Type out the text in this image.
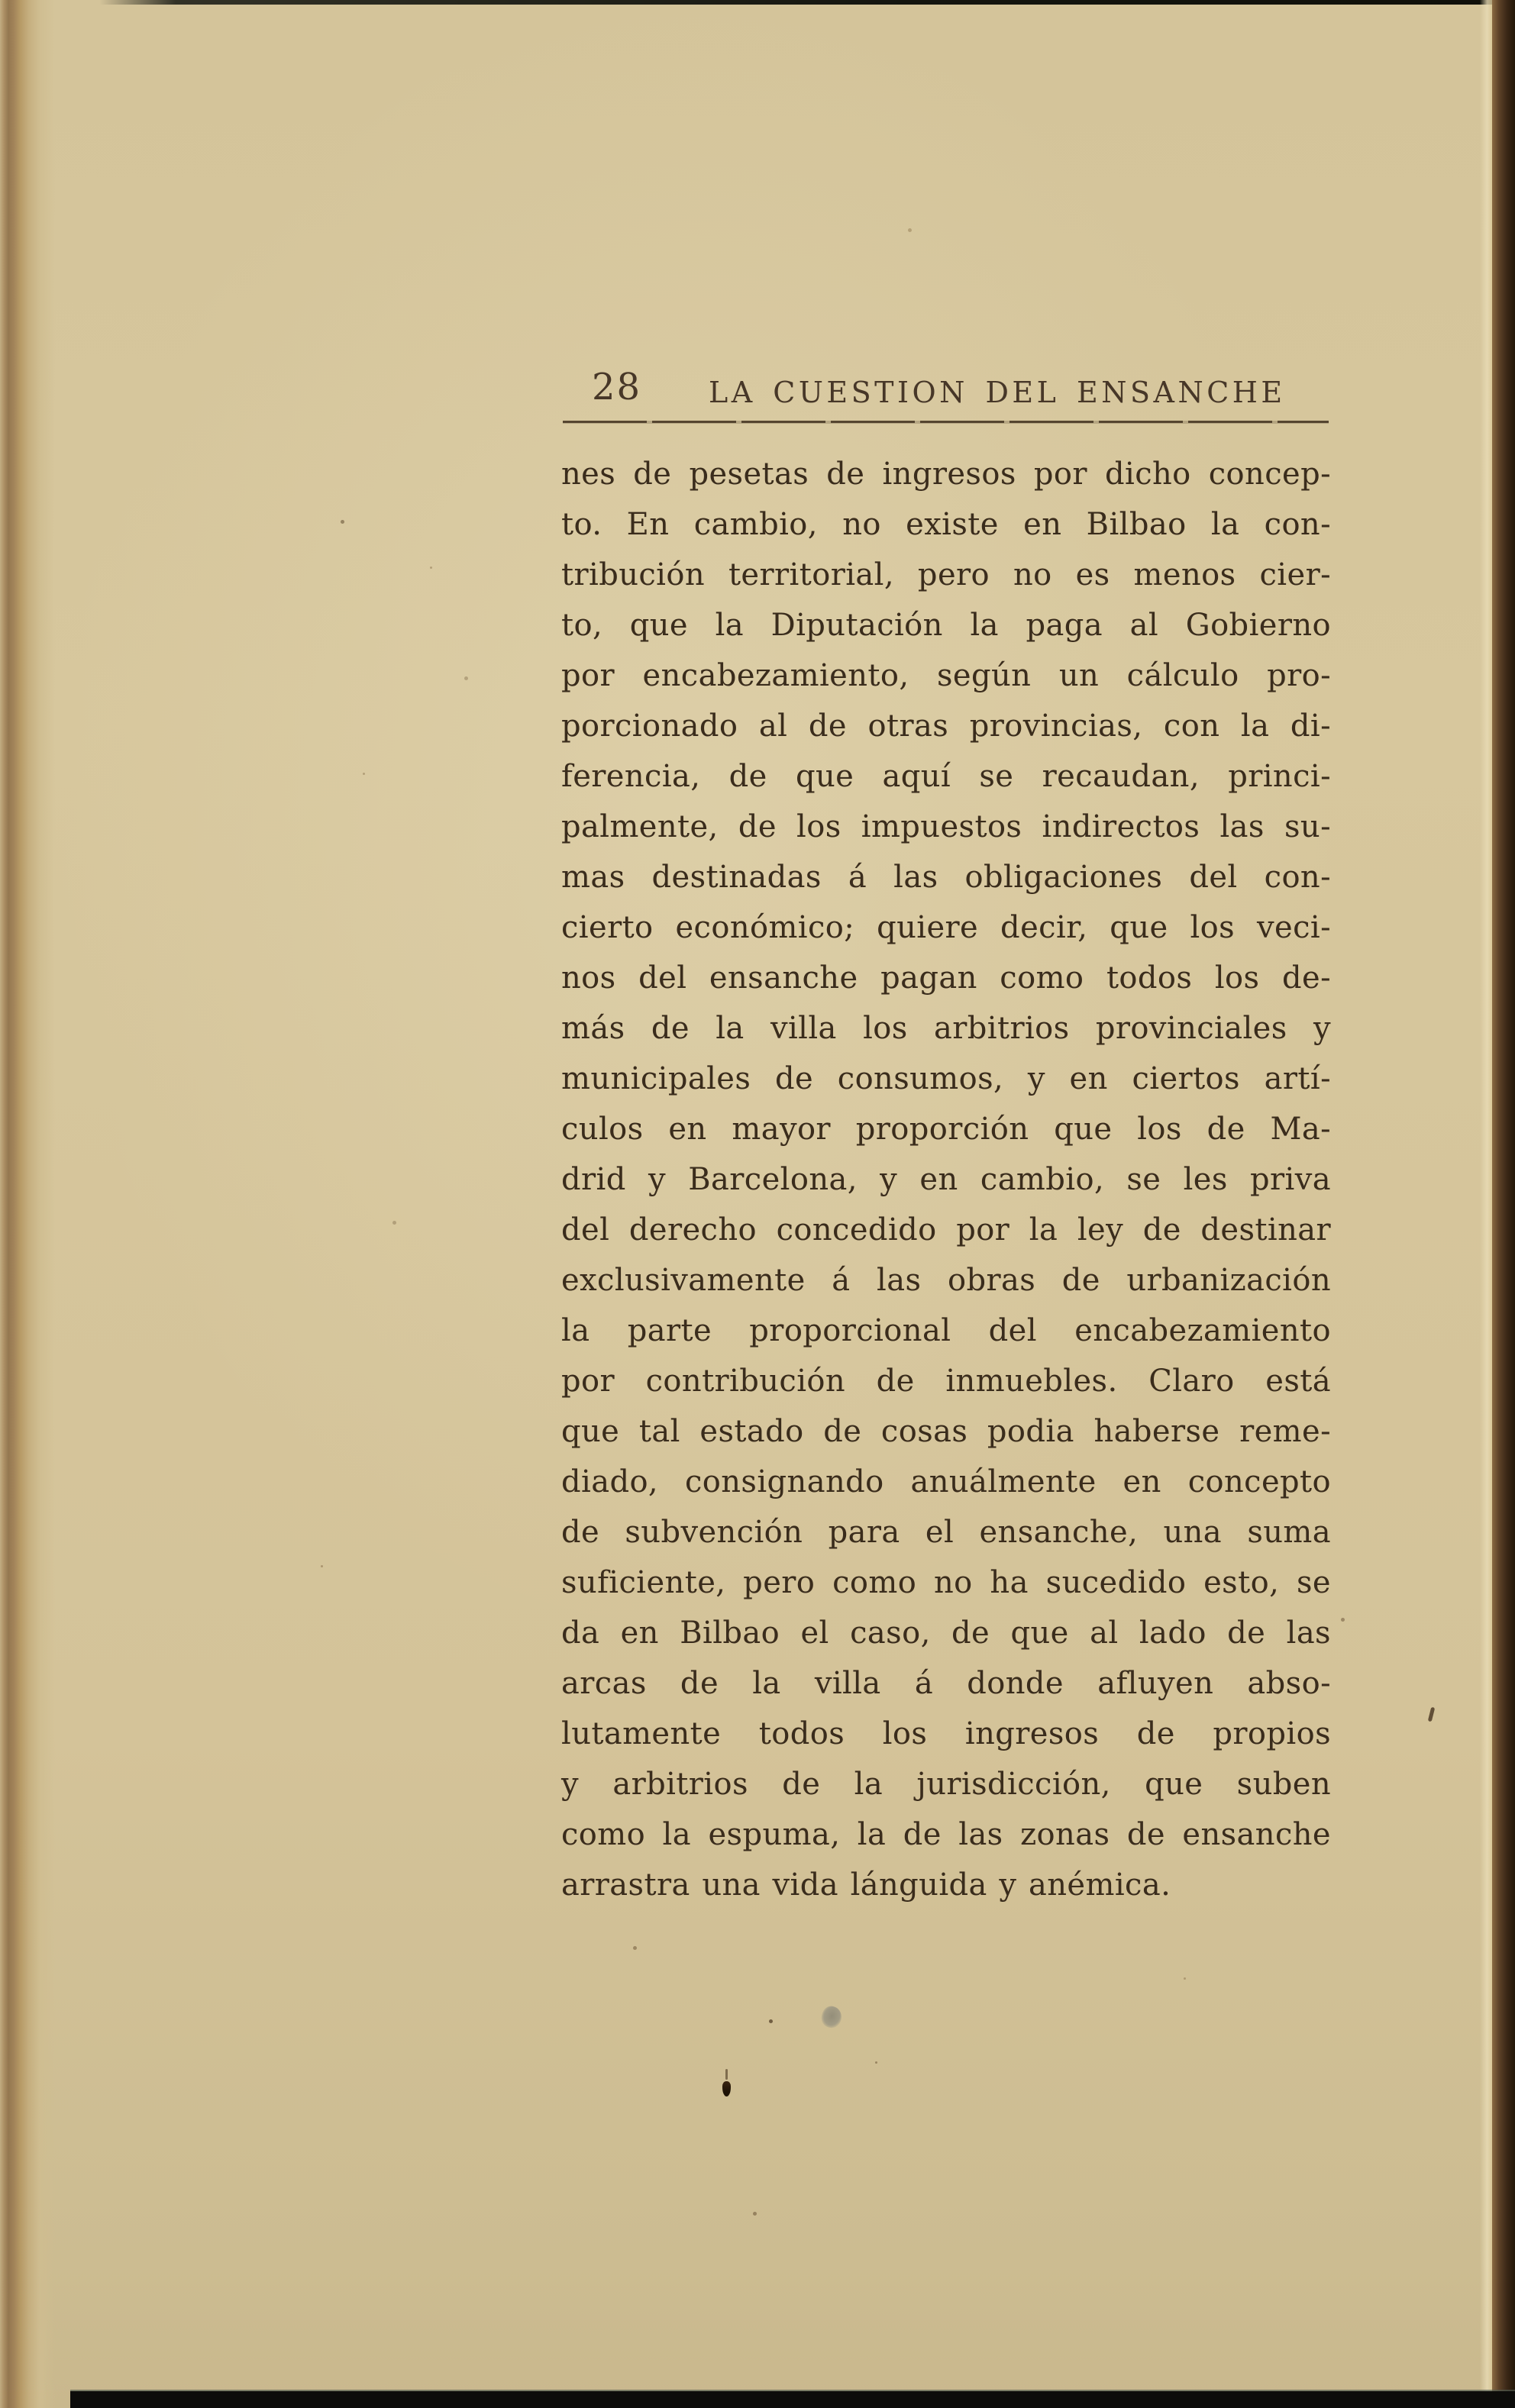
28 LA CUESTION DEL ENSANCHE
nes de pesetas de ingresos por dicho concep-
to. En cambio, no existe en Bilbao la con-
tribución territorial, pero no es menos cier-
to, que la Diputación la paga al Gobierno
por encabezamiento, según un cálculo pro-
porcionado al de otras provincias, con la di-
ferencia, de que aquí se recaudan, princi-
palmente, de los impuestos indirectos las su-
mas destinadas á las obligaciones del con-
cierto económico; quiere decir, que los veci-
nos del ensanche pagan como todos los de-
más de la villa los arbitrios provinciales y
municipales de consumos, y en ciertos artí-
culos en mayor proporción que los de Ma-
drid y Barcelona, y en cambio, se les priva
del derecho concedido por la ley de destinar
exclusivamente á las obras de urbanización
la parte proporcional del encabezamiento
por contribución de inmuebles. Claro está
que tal estado de cosas podia haberse reme-
diado, consignando anuálmente en concepto
de subvención para el ensanche, una suma
suficiente, pero como no ha sucedido esto, se
da en Bilbao el caso, de que al lado de las
arcas de la villa á donde afluyen abso-
lutamente todos los ingresos de propios
y arbitrios de la jurisdicción, que suben
como la espuma, la de las zonas de ensanche
arrastra una vida lánguida y anémica.
